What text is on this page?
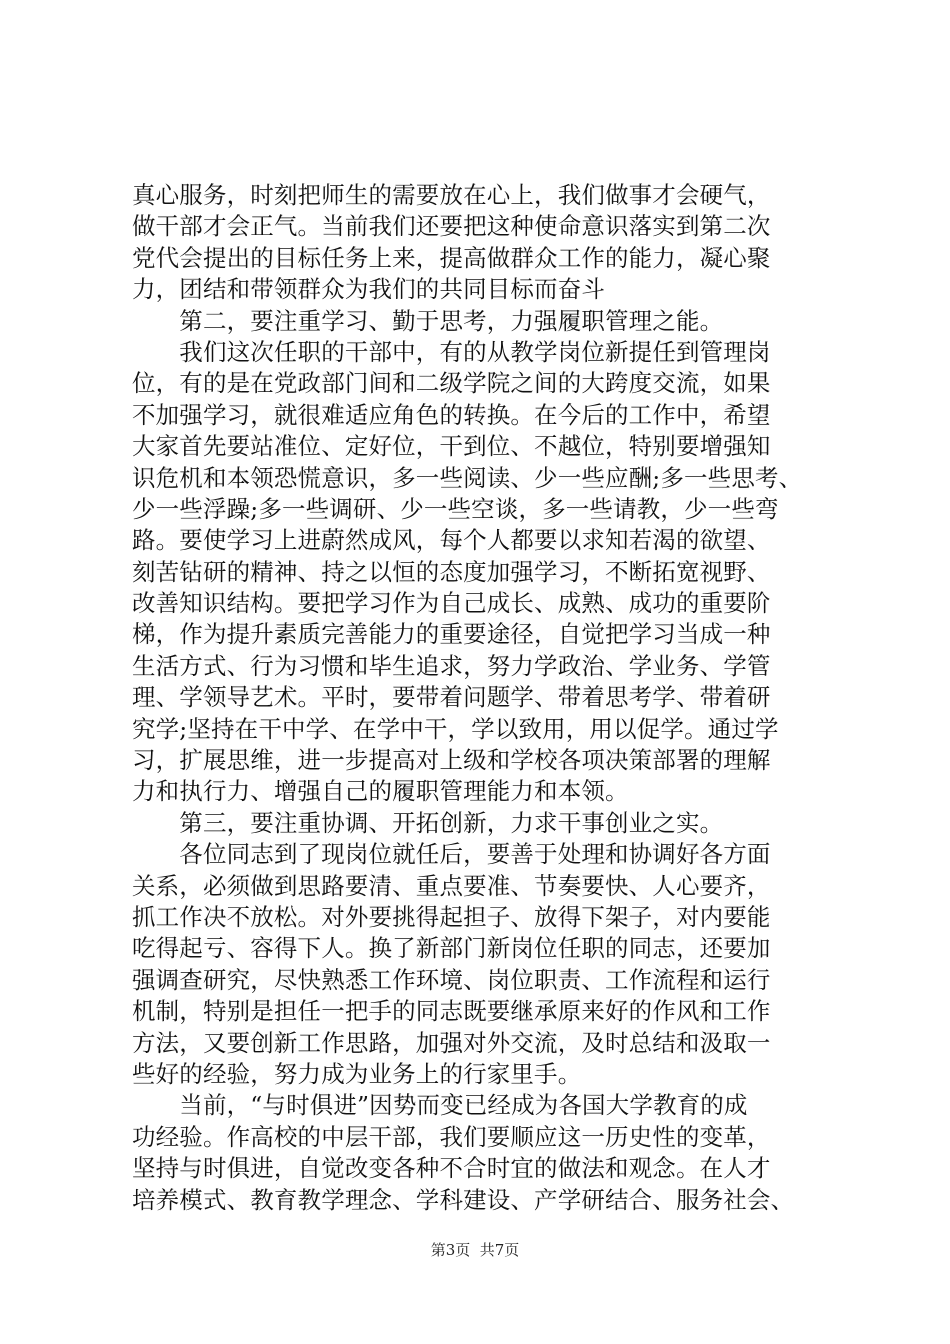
真心服务，时刻把师生的需要放在心上，我们做事才会硬气，
做干部才会正气。当前我们还要把这种使命意识落实到第二次
党代会提出的目标任务上来，提高做群众工作的能力，凝心聚
力，团结和带领群众为我们的共同目标而奋斗
　　第二，要注重学习、勤于思考，力强履职管理之能。
　　我们这次任职的干部中，有的从教学岗位新提任到管理岗
位，有的是在党政部门间和二级学院之间的大跨度交流，如果
不加强学习，就很难适应角色的转换。在今后的工作中，希望
大家首先要站准位、定好位，干到位、不越位，特别要增强知
识危机和本领恐慌意识，多一些阅读、少一些应酬;多一些思考、
少一些浮躁;多一些调研、少一些空谈，多一些请教，少一些弯
路。要使学习上进蔚然成风，每个人都要以求知若渴的欲望、
刻苦钻研的精神、持之以恒的态度加强学习，不断拓宽视野、
改善知识结构。要把学习作为自己成长、成熟、成功的重要阶
梯，作为提升素质完善能力的重要途径，自觉把学习当成一种
生活方式、行为习惯和毕生追求，努力学政治、学业务、学管
理、学领导艺术。平时，要带着问题学、带着思考学、带着研
究学;坚持在干中学、在学中干，学以致用，用以促学。通过学
习，扩展思维，进一步提高对上级和学校各项决策部署的理解
力和执行力、增强自己的履职管理能力和本领。
　　第三，要注重协调、开拓创新，力求干事创业之实。
　　各位同志到了现岗位就任后，要善于处理和协调好各方面
关系，必须做到思路要清、重点要准、节奏要快、人心要齐，
抓工作决不放松。对外要挑得起担子、放得下架子，对内要能
吃得起亏、容得下人。换了新部门新岗位任职的同志，还要加
强调查研究，尽快熟悉工作环境、岗位职责、工作流程和运行
机制，特别是担任一把手的同志既要继承原来好的作风和工作
方法，又要创新工作思路，加强对外交流，及时总结和汲取一
些好的经验，努力成为业务上的行家里手。
　　当前，“与时俱进”因势而变已经成为各国大学教育的成
功经验。作高校的中层干部，我们要顺应这一历史性的变革，
坚持与时俱进，自觉改变各种不合时宜的做法和观念。在人才
培养模式、教育教学理念、学科建设、产学研结合、服务社会、
第3页  共7页
